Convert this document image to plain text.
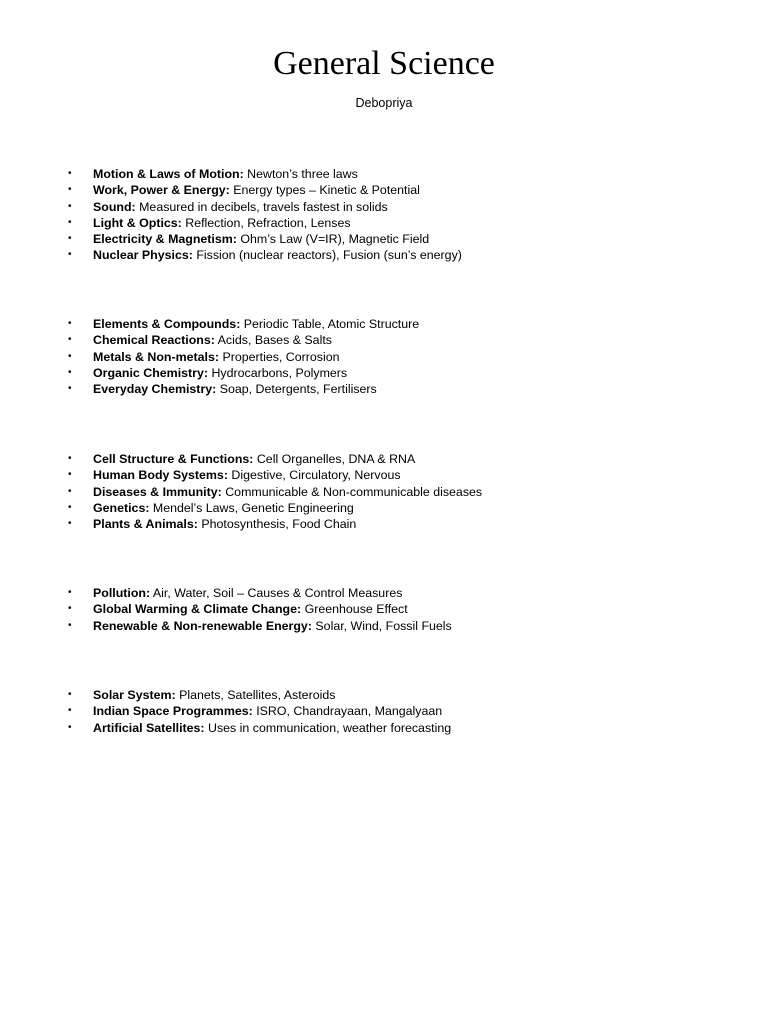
General Science
Debopriya
•	Motion & Laws of Motion: Newton’s three laws
•	Work, Power & Energy: Energy types – Kinetic & Potential
•	Sound: Measured in decibels, travels fastest in solids
•	Light & Optics: Reflection, Refraction, Lenses
•	Electricity & Magnetism: Ohm’s Law (V=IR), Magnetic Field
•	Nuclear Physics: Fission (nuclear reactors), Fusion (sun’s energy)
•	Elements & Compounds: Periodic Table, Atomic Structure
•	Chemical Reactions: Acids, Bases & Salts
•	Metals & Non-metals: Properties, Corrosion
•	Organic Chemistry: Hydrocarbons, Polymers
•	Everyday Chemistry: Soap, Detergents, Fertilisers
•	Cell Structure & Functions: Cell Organelles, DNA & RNA
•	Human Body Systems: Digestive, Circulatory, Nervous
•	Diseases & Immunity: Communicable & Non-communicable diseases
•	Genetics: Mendel’s Laws, Genetic Engineering
•	Plants & Animals: Photosynthesis, Food Chain
•	Pollution: Air, Water, Soil – Causes & Control Measures
•	Global Warming & Climate Change: Greenhouse Effect
•	Renewable & Non-renewable Energy: Solar, Wind, Fossil Fuels
•	Solar System: Planets, Satellites, Asteroids
•	Indian Space Programmes: ISRO, Chandrayaan, Mangalyaan
•	Artificial Satellites: Uses in communication, weather forecasting
